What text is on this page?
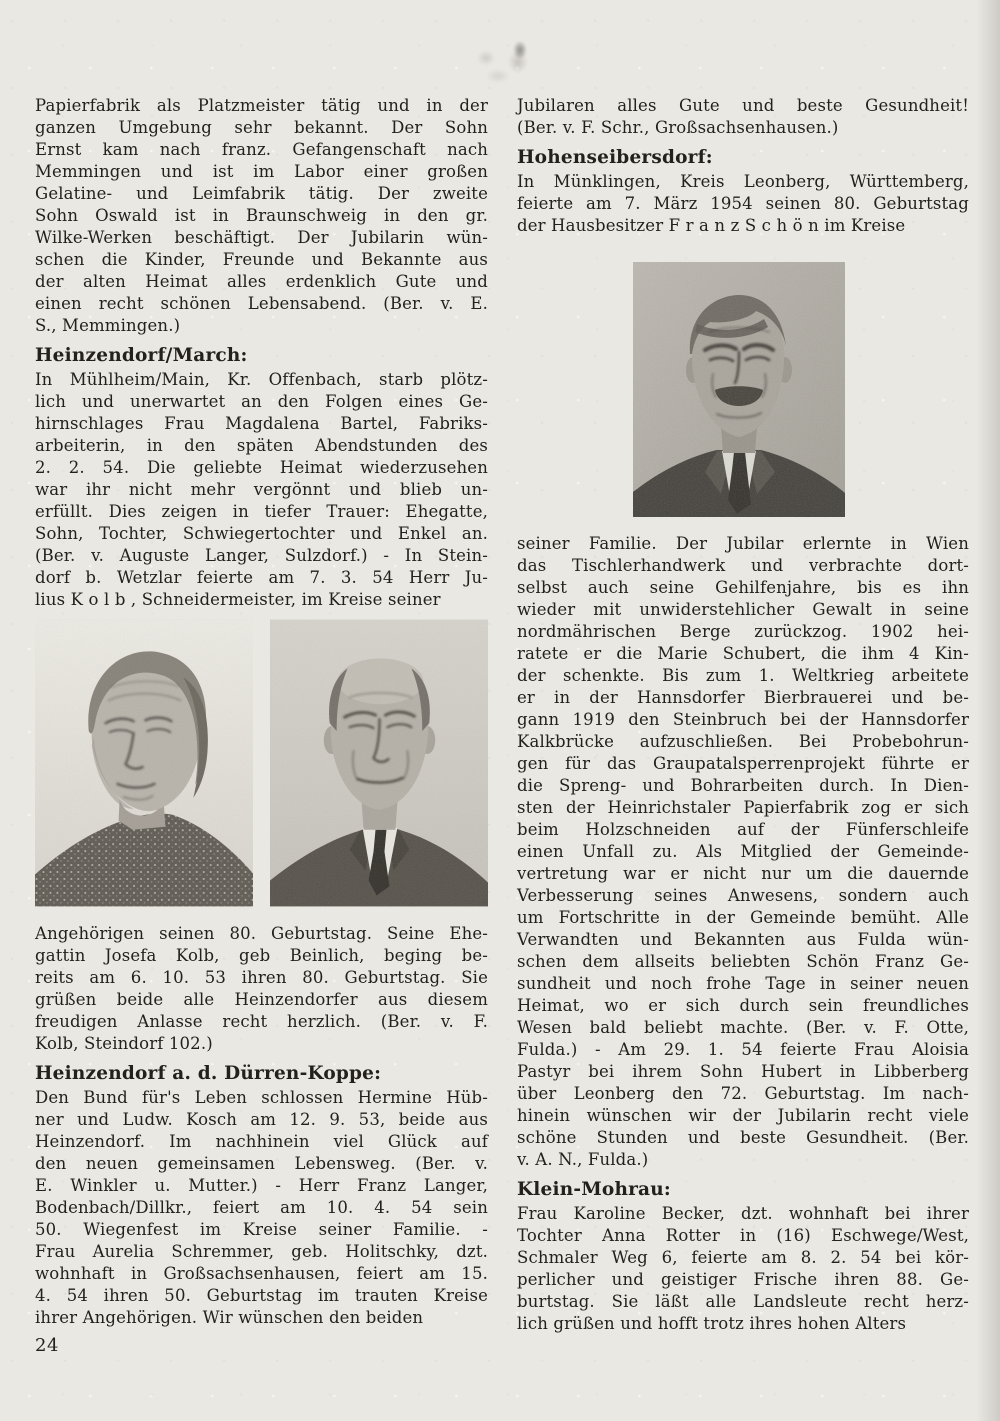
Papierfabrik als Platzmeister tätig und in der
ganzen Umgebung sehr bekannt. Der Sohn
Ernst kam nach franz. Gefangenschaft nach
Memmingen und ist im Labor einer großen
Gelatine- und Leimfabrik tätig. Der zweite
Sohn Oswald ist in Braunschweig in den gr.
Wilke-Werken beschäftigt. Der Jubilarin wün-
schen die Kinder, Freunde und Bekannte aus
der alten Heimat alles erdenklich Gute und
einen recht schönen Lebensabend. (Ber. v. E.
S., Memmingen.)
Heinzendorf/March:
In Mühlheim/Main, Kr. Offenbach, starb plötz-
lich und unerwartet an den Folgen eines Ge-
hirnschlages Frau Magdalena Bartel, Fabriks-
arbeiterin, in den späten Abendstunden des
2. 2. 54. Die geliebte Heimat wiederzusehen
war ihr nicht mehr vergönnt und blieb un-
erfüllt. Dies zeigen in tiefer Trauer: Ehegatte,
Sohn, Tochter, Schwiegertochter und Enkel an.
(Ber. v. Auguste Langer, Sulzdorf.) - In Stein-
dorf b. Wetzlar feierte am 7. 3. 54 Herr Ju-
lius K o l b , Schneidermeister, im Kreise seiner
Angehörigen seinen 80. Geburtstag. Seine Ehe-
gattin Josefa Kolb, geb Beinlich, beging be-
reits am 6. 10. 53 ihren 80. Geburtstag. Sie
grüßen beide alle Heinzendorfer aus diesem
freudigen Anlasse recht herzlich. (Ber. v. F.
Kolb, Steindorf 102.)
Heinzendorf a. d. Dürren-Koppe:
Den Bund für's Leben schlossen Hermine Hüb-
ner und Ludw. Kosch am 12. 9. 53, beide aus
Heinzendorf. Im nachhinein viel Glück auf
den neuen gemeinsamen Lebensweg. (Ber. v.
E. Winkler u. Mutter.) - Herr Franz Langer,
Bodenbach/Dillkr., feiert am 10. 4. 54 sein
50. Wiegenfest im Kreise seiner Familie. -
Frau Aurelia Schremmer, geb. Holitschky, dzt.
wohnhaft in Großsachsenhausen, feiert am 15.
4. 54 ihren 50. Geburtstag im trauten Kreise
ihrer Angehörigen. Wir wünschen den beiden
Jubilaren alles Gute und beste Gesundheit!
(Ber. v. F. Schr., Großsachsenhausen.)
Hohenseibersdorf:
In Münklingen, Kreis Leonberg, Württemberg,
feierte am 7. März 1954 seinen 80. Geburtstag
der Hausbesitzer F r a n z S c h ö n im Kreise
seiner Familie. Der Jubilar erlernte in Wien
das Tischlerhandwerk und verbrachte dort-
selbst auch seine Gehilfenjahre, bis es ihn
wieder mit unwiderstehlicher Gewalt in seine
nordmährischen Berge zurückzog. 1902 hei-
ratete er die Marie Schubert, die ihm 4 Kin-
der schenkte. Bis zum 1. Weltkrieg arbeitete
er in der Hannsdorfer Bierbrauerei und be-
gann 1919 den Steinbruch bei der Hannsdorfer
Kalkbrücke aufzuschließen. Bei Probebohrun-
gen für das Graupatalsperrenprojekt führte er
die Spreng- und Bohrarbeiten durch. In Dien-
sten der Heinrichstaler Papierfabrik zog er sich
beim Holzschneiden auf der Fünferschleife
einen Unfall zu. Als Mitglied der Gemeinde-
vertretung war er nicht nur um die dauernde
Verbesserung seines Anwesens, sondern auch
um Fortschritte in der Gemeinde bemüht. Alle
Verwandten und Bekannten aus Fulda wün-
schen dem allseits beliebten Schön Franz Ge-
sundheit und noch frohe Tage in seiner neuen
Heimat, wo er sich durch sein freundliches
Wesen bald beliebt machte. (Ber. v. F. Otte,
Fulda.) - Am 29. 1. 54 feierte Frau Aloisia
Pastyr bei ihrem Sohn Hubert in Libberberg
über Leonberg den 72. Geburtstag. Im nach-
hinein wünschen wir der Jubilarin recht viele
schöne Stunden und beste Gesundheit. (Ber.
v. A. N., Fulda.)
Klein-Mohrau:
Frau Karoline Becker, dzt. wohnhaft bei ihrer
Tochter Anna Rotter in (16) Eschwege/West,
Schmaler Weg 6, feierte am 8. 2. 54 bei kör-
perlicher und geistiger Frische ihren 88. Ge-
burtstag. Sie läßt alle Landsleute recht herz-
lich grüßen und hofft trotz ihres hohen Alters
24
